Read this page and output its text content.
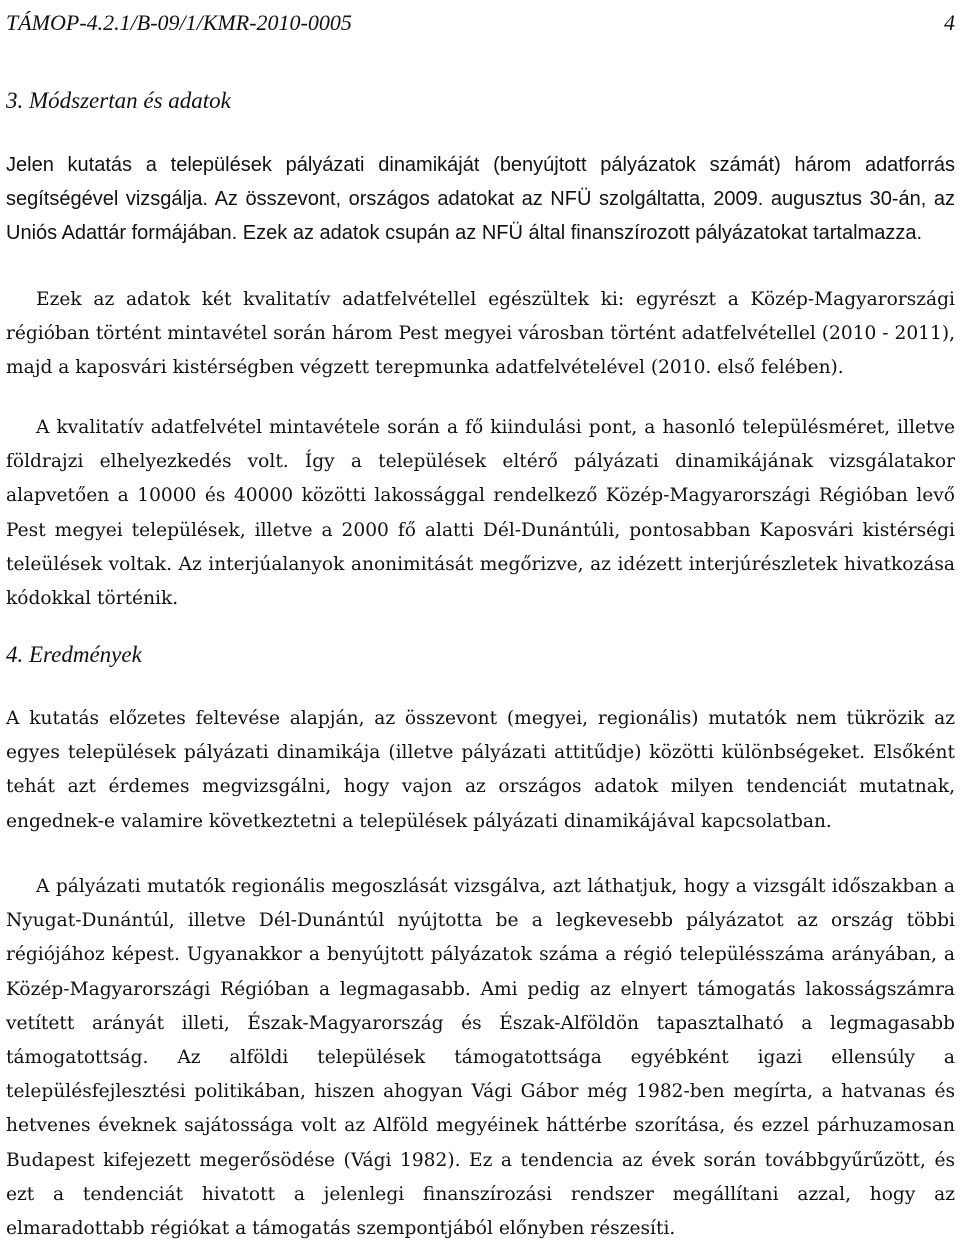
TÁMOP-4.2.1/B-09/1/KMR-2010-0005	4
3. Módszertan és adatok

Jelen kutatás a települések pályázati dinamikáját (benyújtott pályázatok számát) három adatforrás segítségével vizsgálja. Az összevont, országos adatokat az NFÜ szolgáltatta, 2009. augusztus 30-án, az Uniós Adattár formájában. Ezek az adatok csupán az NFÜ által finanszírozott pályázatokat tartalmazza.

Ezek az adatok két kvalitatív adatfelvétellel egészültek ki: egyrészt a Közép-Magyarországi régióban történt mintavétel során három Pest megyei városban történt adatfelvétellel (2010 - 2011), majd a kaposvári kistérségben végzett terepmunka adatfelvételével (2010. első felében).

A kvalitatív adatfelvétel mintavétele során a fő kiindulási pont, a hasonló településméret, illetve földrajzi elhelyezkedés volt. Így a települések eltérő pályázati dinamikájának vizsgálatakor alapvetően a 10000 és 40000 közötti lakossággal rendelkező Közép-Magyarországi Régióban levő Pest megyei települések, illetve a 2000 fő alatti Dél-Dunántúli, pontosabban Kaposvári kistérségi teleülések voltak. Az interjúalanyok anonimitását megőrizve, az idézett interjúrészletek hivatkozása kódokkal történik.

4. Eredmények

A kutatás előzetes feltevése alapján, az összevont (megyei, regionális) mutatók nem tükrözik az egyes települések pályázati dinamikája (illetve pályázati attitűdje) közötti különbségeket. Elsőként tehát azt érdemes megvizsgálni, hogy vajon az országos adatok milyen tendenciát mutatnak, engednek-e valamire következtetni a települések pályázati dinamikájával kapcsolatban.

A pályázati mutatók regionális megoszlását vizsgálva, azt láthatjuk, hogy a vizsgált időszakban a Nyugat-Dunántúl, illetve Dél-Dunántúl nyújtotta be a legkevesebb pályázatot az ország többi régiójához képest. Ugyanakkor a benyújtott pályázatok száma a régió településszáma arányában, a Közép-Magyarországi Régióban a legmagasabb. Ami pedig az elnyert támogatás lakosságszámra vetített arányát illeti, Észak-Magyarország és Észak-Alföldön tapasztalható a legmagasabb támogatottság. Az alföldi települések támogatottsága egyébként igazi ellensúly a településfejlesztési politikában, hiszen ahogyan Vági Gábor még 1982-ben megírta, a hatvanas és hetvenes éveknek sajátossága volt az Alföld megyéinek háttérbe szorítása, és ezzel párhuzamosan Budapest kifejezett megerősödése (Vági 1982). Ez a tendencia az évek során továbbgyűrűzött, és ezt a tendenciát hivatott a jelenlegi finanszírozási rendszer megállítani azzal, hogy az elmaradottabb régiókat a támogatás szempontjából előnyben részesíti.
